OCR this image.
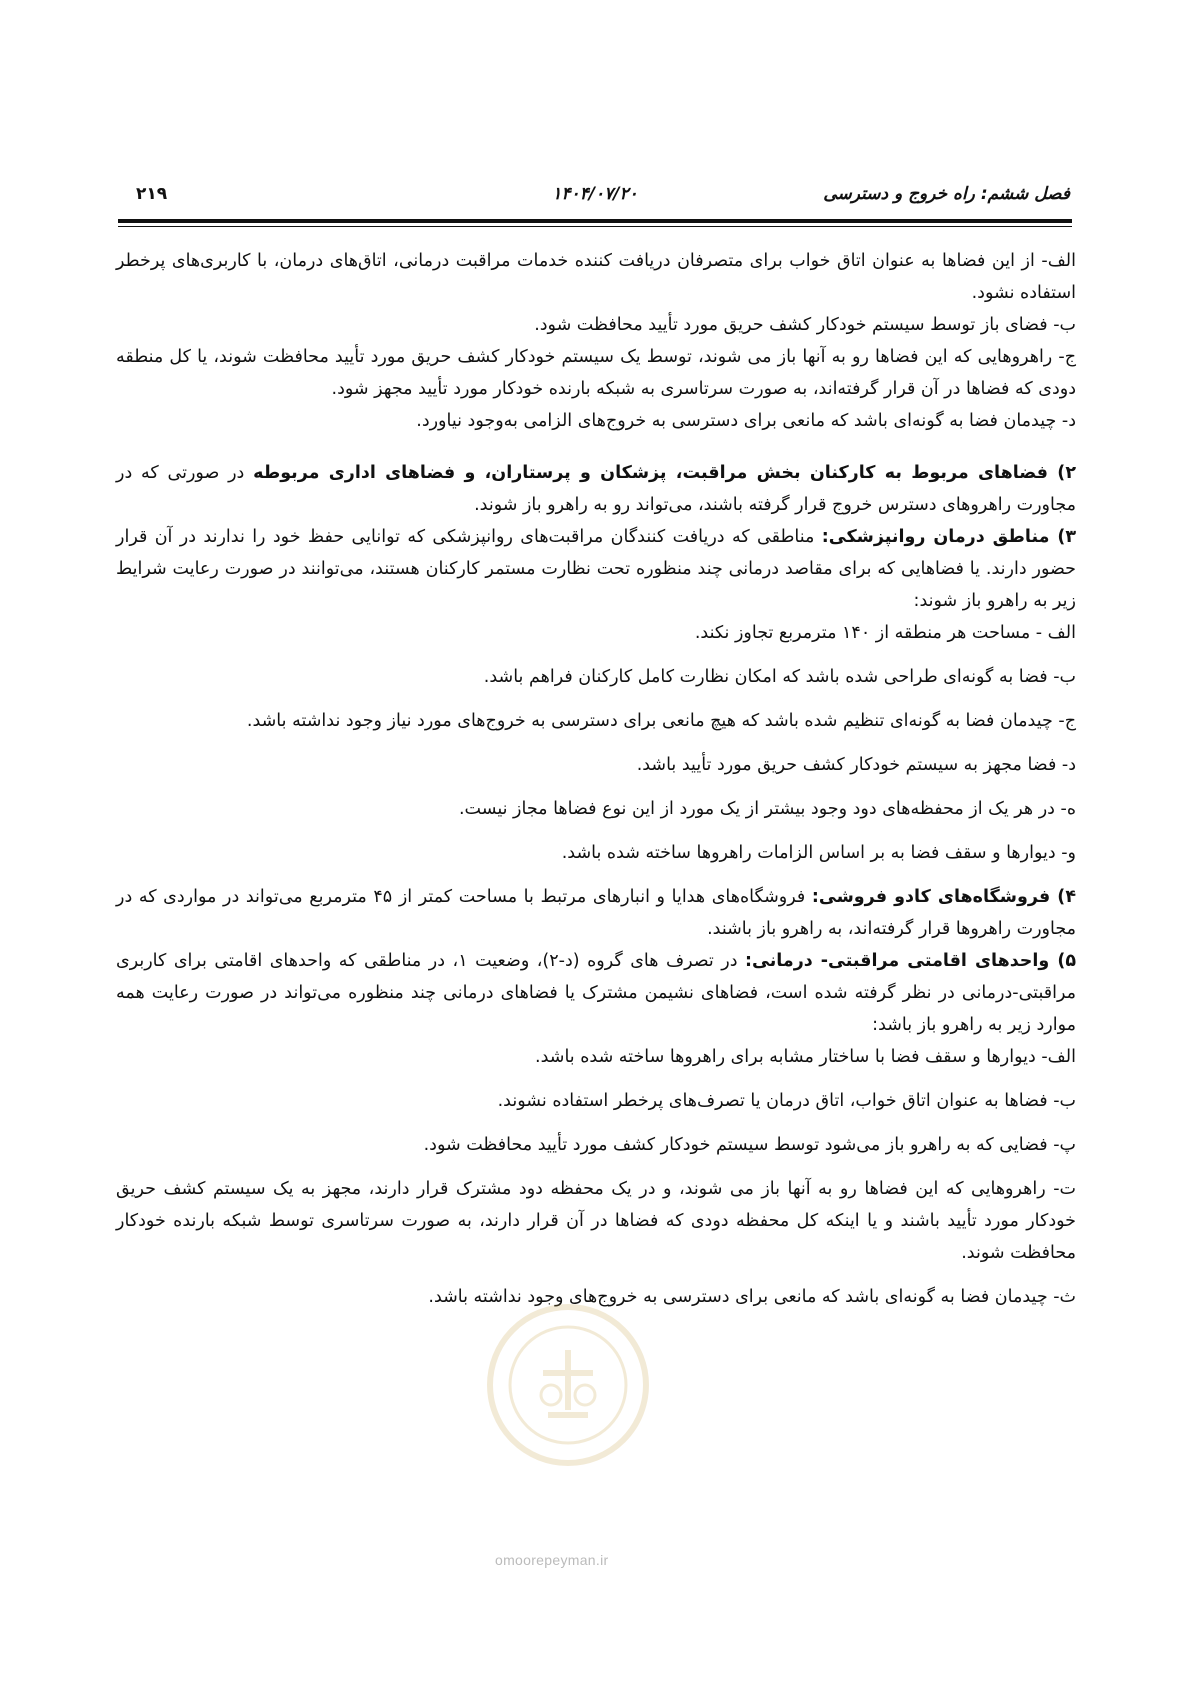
فصل ششم: راه خروج و دسترسی
۱۴۰۴/۰۷/۲۰
۲۱۹

الف- از این فضاها به عنوان اتاق خواب برای متصرفان دریافت کننده خدمات مراقبت درمانی، اتاق‌های درمان، با کاربری‌های پرخطر استفاده نشود.

ب- فضای باز توسط سیستم خودکار کشف حریق مورد تأیید محافظت شود.

ج- راهروهایی که این فضاها رو به آنها باز می شوند، توسط یک سیستم خودکار کشف حریق مورد تأیید محافظت شوند، یا کل منطقه دودی که فضاها در آن قرار گرفته‌اند، به صورت سرتاسری به شبکه بارنده خودکار مورد تأیید مجهز شود.

د- چیدمان فضا به گونه‌ای باشد که مانعی برای دسترسی به خروج‌های الزامی به‌وجود نیاورد.

۲) فضاهای مربوط به کارکنان بخش مراقبت، پزشکان و پرستاران، و فضاهای اداری مربوطه در صورتی که در مجاورت راهروهای دسترس خروج قرار گرفته باشند، می‌تواند رو به راهرو باز شوند.

۳) مناطق درمان روانپزشکی: مناطقی که دریافت کنندگان مراقبت‌های روانپزشکی که توانایی حفظ خود را ندارند در آن قرار حضور دارند. یا فضاهایی که برای مقاصد درمانی چند منظوره تحت نظارت مستمر کارکنان هستند، می‌توانند در صورت رعایت شرایط زیر به راهرو باز شوند:

الف - مساحت هر منطقه از ۱۴۰ مترمربع تجاوز نکند.

ب- فضا به گونه‌ای طراحی شده باشد که امکان نظارت کامل کارکنان فراهم باشد.

ج- چیدمان فضا به گونه‌ای تنظیم شده باشد که هیچ مانعی برای دسترسی به خروج‌های مورد نیاز وجود نداشته باشد.

د- فضا مجهز به سیستم خودکار کشف حریق مورد تأیید باشد.

ه- در هر یک از محفظه‌های دود وجود بیشتر از یک مورد از این نوع فضاها مجاز نیست.

و- دیوارها و سقف فضا به بر اساس الزامات راهروها ساخته شده باشد.

۴) فروشگاه‌های کادو فروشی: فروشگاه‌های هدایا و انبارهای مرتبط با مساحت کمتر از ۴۵ مترمربع می‌تواند در مواردی که در مجاورت راهروها قرار گرفته‌اند، به راهرو باز باشند.

۵) واحدهای اقامتی مراقبتی- درمانی: در تصرف های گروه (د-۲)، وضعیت ۱، در مناطقی که واحدهای اقامتی برای کاربری مراقبتی-درمانی در نظر گرفته شده است، فضاهای نشیمن مشترک یا فضاهای درمانی چند منظوره می‌تواند در صورت رعایت همه موارد زیر به راهرو باز باشد:

الف- دیوارها و سقف فضا با ساختار مشابه برای راهروها ساخته شده باشد.

ب- فضاها به عنوان اتاق خواب، اتاق درمان یا تصرف‌های پرخطر استفاده نشوند.

پ- فضایی که به راهرو باز می‌شود توسط سیستم خودکار کشف مورد تأیید محافظت شود.

ت- راهروهایی که این فضاها رو به آنها باز می شوند، و در یک محفظه دود مشترک قرار دارند، مجهز به یک سیستم کشف حریق خودکار مورد تأیید باشند و یا اینکه کل محفظه دودی که فضاها در آن قرار دارند، به صورت سرتاسری توسط شبکه بارنده خودکار محافظت شوند.

ث- چیدمان فضا به گونه‌ای باشد که مانعی برای دسترسی به خروج‌های وجود نداشته باشد.

omoorepeyman.ir
